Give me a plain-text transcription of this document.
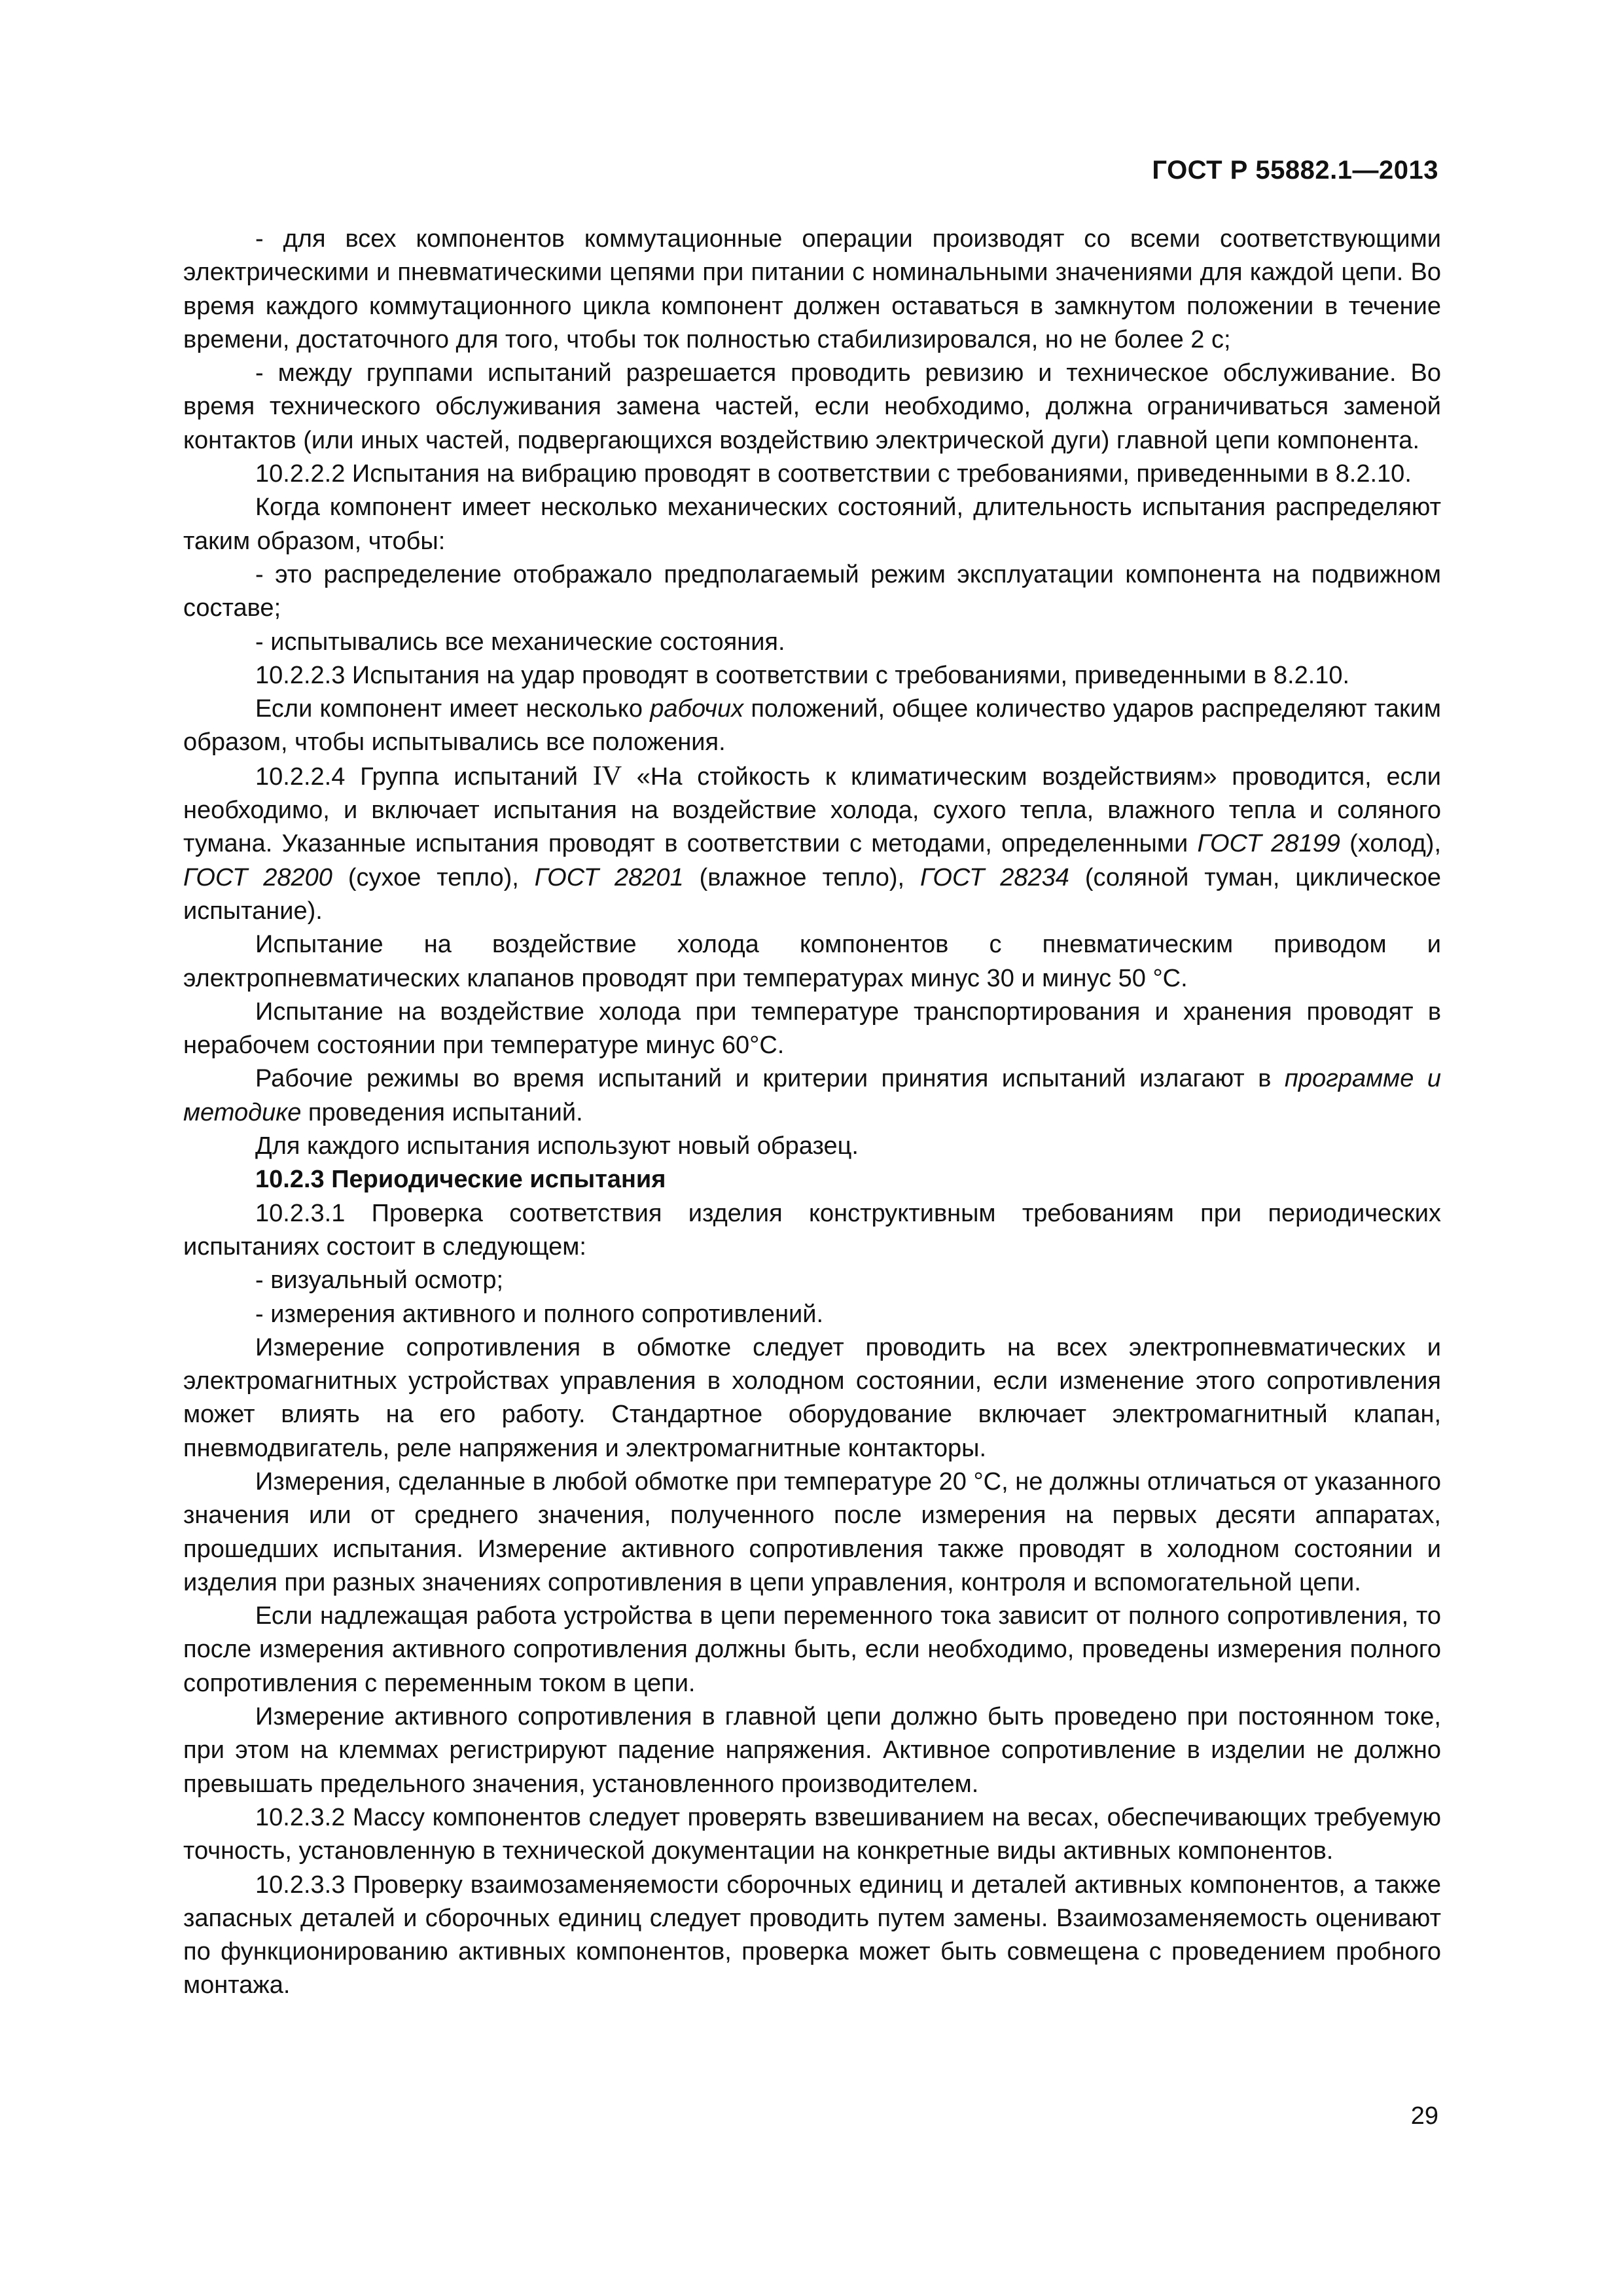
ГОСТ Р 55882.1—2013

- для всех компонентов коммутационные операции производят со всеми соответствующими электрическими и пневматическими цепями при питании с номинальными значениями для каждой цепи. Во время каждого коммутационного цикла компонент должен оставаться в замкнутом положении в течение времени, достаточного для того, чтобы ток полностью стабилизировался, но не более 2 с;

- между группами испытаний разрешается проводить ревизию и техническое обслуживание. Во время технического обслуживания замена частей, если необходимо, должна ограничиваться заменой контактов (или иных частей, подвергающихся воздействию электрической дуги) главной цепи компонента.

10.2.2.2 Испытания на вибрацию проводят в соответствии с требованиями, приведенными в 8.2.10.

Когда компонент имеет несколько механических состояний, длительность испытания распределяют таким образом, чтобы:

- это распределение отображало предполагаемый режим эксплуатации компонента на подвижном составе;

- испытывались все механические состояния.

10.2.2.3 Испытания на удар проводят в соответствии с требованиями, приведенными в 8.2.10.

Если компонент имеет несколько рабочих положений, общее количество ударов распределяют таким образом, чтобы испытывались все положения.

10.2.2.4 Группа испытаний IV «На стойкость к климатическим воздействиям» проводится, если необходимо, и включает испытания на воздействие холода, сухого тепла, влажного тепла и соляного тумана. Указанные испытания проводят в соответствии с методами, определенными ГОСТ 28199 (холод), ГОСТ 28200 (сухое тепло), ГОСТ 28201 (влажное тепло), ГОСТ 28234 (соляной туман, циклическое испытание).

Испытание на воздействие холода компонентов с пневматическим приводом и электропневматических клапанов проводят при температурах минус 30 и минус 50 °С.

Испытание на воздействие холода при температуре транспортирования и хранения проводят в нерабочем состоянии при температуре минус 60°С.

Рабочие режимы во время испытаний и критерии принятия испытаний излагают в программе и методике проведения испытаний.

Для каждого испытания используют новый образец.

10.2.3 Периодические испытания

10.2.3.1 Проверка соответствия изделия конструктивным требованиям при периодических испытаниях состоит в следующем:

- визуальный осмотр;

- измерения активного и полного сопротивлений.

Измерение сопротивления в обмотке следует проводить на всех электропневматических и электромагнитных устройствах управления в холодном состоянии, если изменение этого сопротивления может влиять на его работу. Стандартное оборудование включает электромагнитный клапан, пневмодвигатель, реле напряжения и электромагнитные контакторы.

Измерения, сделанные в любой обмотке при температуре 20 °С, не должны отличаться от указанного значения или от среднего значения, полученного после измерения на первых десяти аппаратах, прошедших испытания. Измерение активного сопротивления также проводят в холодном состоянии и изделия при разных значениях сопротивления в цепи управления, контроля и вспомогательной цепи.

Если надлежащая работа устройства в цепи переменного тока зависит от полного сопротивления, то после измерения активного сопротивления должны быть, если необходимо, проведены измерения полного сопротивления с переменным током в цепи.

Измерение активного сопротивления в главной цепи должно быть проведено при постоянном токе, при этом на клеммах регистрируют падение напряжения. Активное сопротивление в изделии не должно превышать предельного значения, установленного производителем.

10.2.3.2 Массу компонентов следует проверять взвешиванием на весах, обеспечивающих требуемую точность, установленную в технической документации на конкретные виды активных компонентов.

10.2.3.3 Проверку взаимозаменяемости сборочных единиц и деталей активных компонентов, а также запасных деталей и сборочных единиц следует проводить путем замены. Взаимозаменяемость оценивают по функционированию активных компонентов, проверка может быть совмещена с проведением пробного монтажа.

29
